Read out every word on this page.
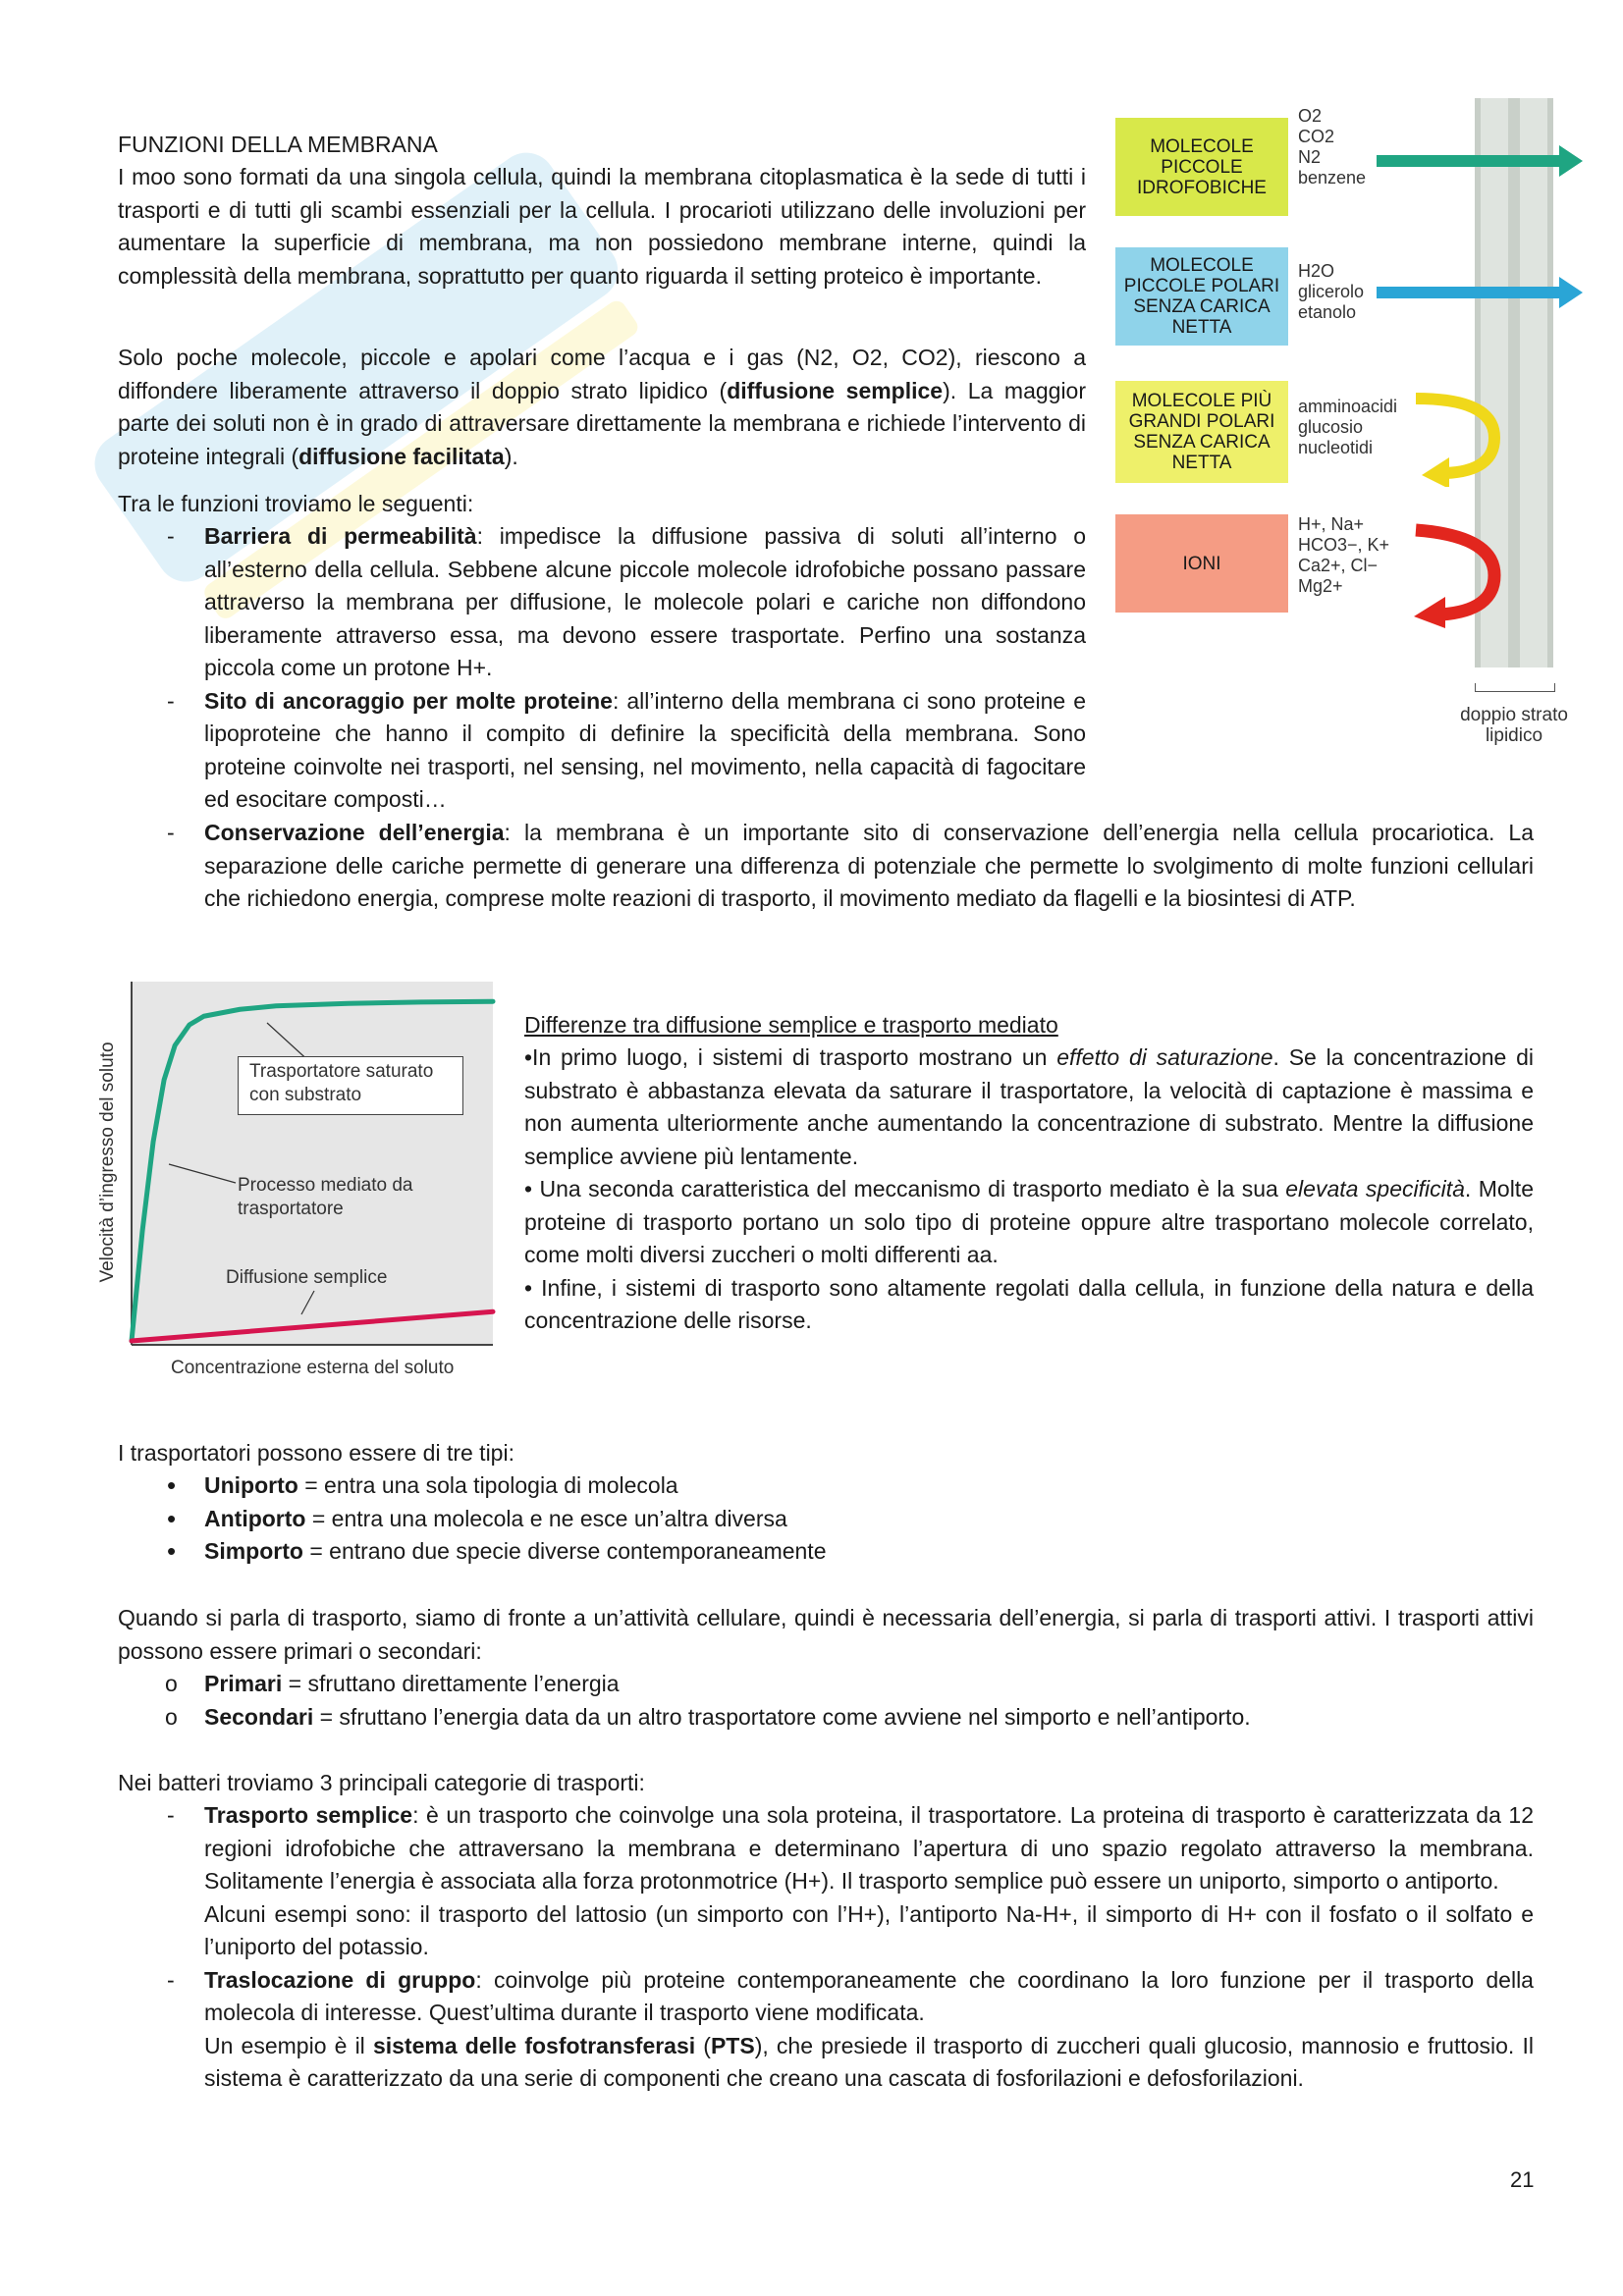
FUNZIONI DELLA MEMBRANA
I moo sono formati da una singola cellula, quindi la membrana citoplasmatica è la sede di tutti i trasporti e di tutti gli scambi essenziali per la cellula. I procarioti utilizzano delle involuzioni per aumentare la superficie di membrana, ma non possiedono membrane interne, quindi la complessità della membrana, soprattutto per quanto riguarda il setting proteico è importante.

Solo poche molecole, piccole e apolari come l’acqua e i gas (N2, O2, CO2), riescono a diffondere liberamente attraverso il doppio strato lipidico (diffusione semplice). La maggior parte dei soluti non è in grado di attraversare direttamente la membrana e richiede l’intervento di proteine integrali (diffusione facilitata).

Tra le funzioni troviamo le seguenti:
- Barriera di permeabilità: impedisce la diffusione passiva di soluti all’interno o all’esterno della cellula. Sebbene alcune piccole molecole idrofobiche possano passare attraverso la membrana per diffusione, le molecole polari e cariche non diffondono liberamente attraverso essa, ma devono essere trasportate. Perfino una sostanza piccola come un protone H+.
- Sito di ancoraggio per molte proteine: all’interno della membrana ci sono proteine e lipoproteine che hanno il compito di definire la specificità della membrana. Sono proteine coinvolte nei trasporti, nel sensing, nel movimento, nella capacità di fagocitare ed esocitare composti…
- Conservazione dell’energia: la membrana è un importante sito di conservazione dell’energia nella cellula procariotica. La separazione delle cariche permette di generare una differenza di potenziale che permette lo svolgimento di molte funzioni cellulari che richiedono energia, comprese molte reazioni di trasporto, il movimento mediato da flagelli e la biosintesi di ATP.
doppio strato lipidico
MOLECOLE PICCOLE IDROFOBICHE
O2
CO2
N2
benzene
MOLECOLE PICCOLE POLARI SENZA CARICA NETTA
H2O
glicerolo
etanolo
MOLECOLE PIÙ GRANDI POLARI SENZA CARICA NETTA
amminoacidi
glucosio
nucleotidi
IONI
H+, Na+
HCO3−, K+
Ca2+, Cl−
Mg2+
Trasportatore saturato con substrato
Processo mediato da trasportatore
Diffusione semplice
Concentrazione esterna del soluto
Velocità d’ingresso del soluto
Differenze tra diffusione semplice e trasporto mediato

•In primo luogo, i sistemi di trasporto mostrano un effetto di saturazione. Se la concentrazione di substrato è abbastanza elevata da saturare il trasportatore, la velocità di captazione è massima e non aumenta ulteriormente anche aumentando la concentrazione di substrato. Mentre la diffusione semplice avviene più lentamente.

• Una seconda caratteristica del meccanismo di trasporto mediato è la sua elevata specificità. Molte proteine di trasporto portano un solo tipo di proteine oppure altre trasportano molecole correlato, come molti diversi zuccheri o molti differenti aa.

• Infine, i sistemi di trasporto sono altamente regolati dalla cellula, in funzione della natura e della concentrazione delle risorse.

I trasportatori possono essere di tre tipi:
• Uniporto = entra una sola tipologia di molecola
• Antiporto = entra una molecola e ne esce un’altra diversa
• Simporto = entrano due specie diverse contemporaneamente
Quando si parla di trasporto, siamo di fronte a un’attività cellulare, quindi è necessaria dell’energia, si parla di trasporti attivi. I trasporti attivi possono essere primari o secondari:
o Primari = sfruttano direttamente l’energia
o Secondari = sfruttano l’energia data da un altro trasportatore come avviene nel simporto e nell’antiporto.
Nei batteri troviamo 3 principali categorie di trasporti:
- Trasporto semplice: è un trasporto che coinvolge una sola proteina, il trasportatore. La proteina di trasporto è caratterizzata da 12 regioni idrofobiche che attraversano la membrana e determinano l’apertura di uno spazio regolato attraverso la membrana. Solitamente l’energia è associata alla forza protonmotrice (H+). Il trasporto semplice può essere un uniporto, simporto o antiporto.
Alcuni esempi sono: il trasporto del lattosio (un simporto con l’H+), l’antiporto Na-H+, il simporto di H+ con il fosfato o il solfato e l’uniporto del potassio.
- Traslocazione di gruppo: coinvolge più proteine contemporaneamente che coordinano la loro funzione per il trasporto della molecola di interesse. Quest’ultima durante il trasporto viene modificata.
Un esempio è il sistema delle fosfotransferasi (PTS), che presiede il trasporto di zuccheri quali glucosio, mannosio e fruttosio. Il sistema è caratterizzato da una serie di componenti che creano una cascata di fosforilazioni e defosforilazioni.
21
